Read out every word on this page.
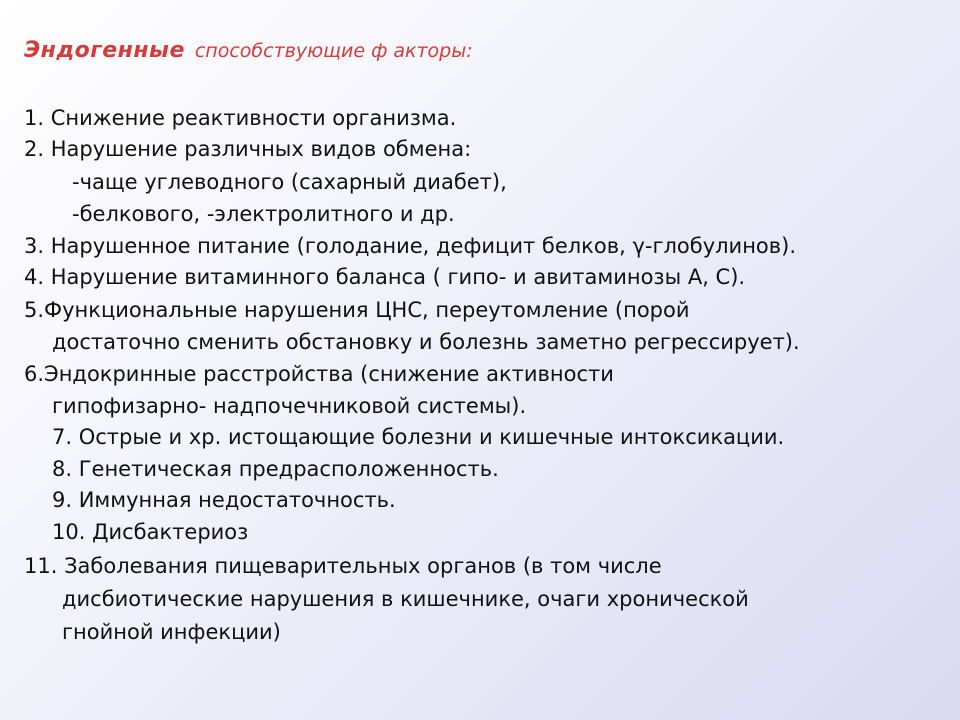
Эндогенные способствующие ф акторы:
1. Снижение реактивности организма.
2. Нарушение различных видов обмена:
-чаще углеводного (сахарный диабет),
-белкового, -электролитного и др.
3. Нарушенное питание (голодание, дефицит белков, γ-глобулинов).
4. Нарушение витаминного баланса ( гипо- и авитаминозы А, С).
5.Функциональные нарушения ЦНС, переутомление (порой
достаточно сменить обстановку и болезнь заметно регрессирует).
6.Эндокринные расстройства (снижение активности
гипофизарно- надпочечниковой системы).
7. Острые и хр. истощающие болезни и кишечные интоксикации.
8. Генетическая предрасположенность.
9. Иммунная недостаточность.
10. Дисбактериоз
11. Заболевания пищеварительных органов (в том числе
дисбиотические нарушения в кишечнике, очаги хронической
гнойной инфекции)
